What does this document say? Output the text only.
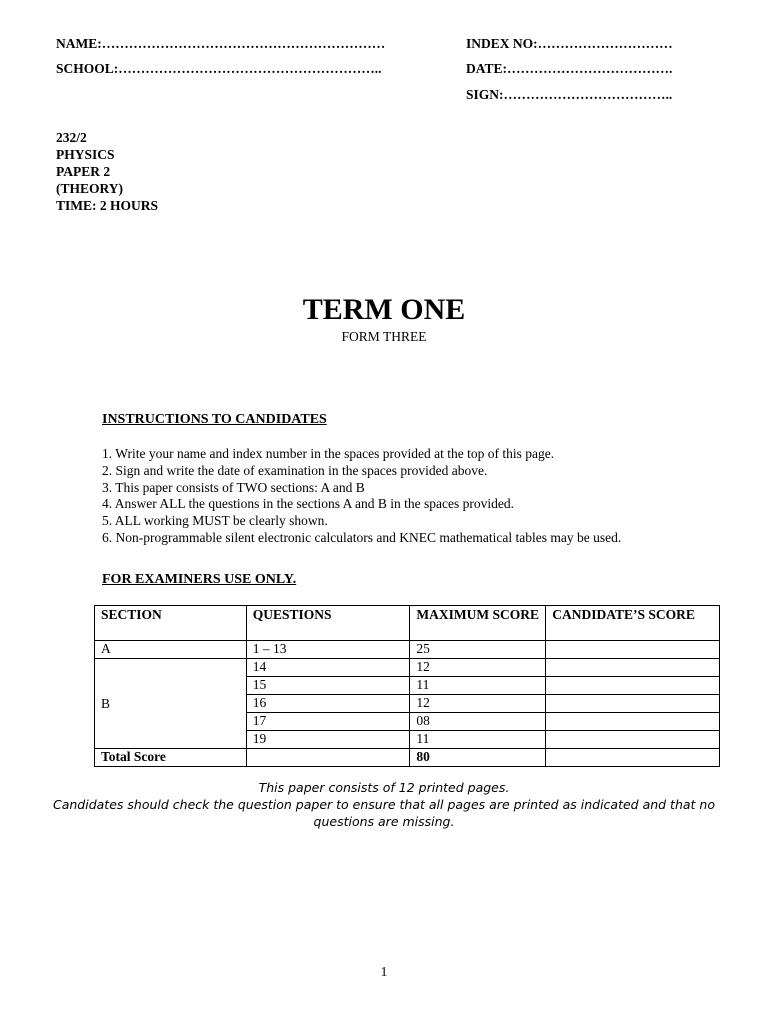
NAME:………………………………………………………
SCHOOL:…………………………………………………..
INDEX NO:…………………………
DATE:……………………………….
SIGN:………………………………..
232/2
PHYSICS
PAPER 2
(THEORY)
TIME: 2 HOURS
TERM ONE
FORM THREE
INSTRUCTIONS TO CANDIDATES
1. Write your name and index number in the spaces provided at the top of this page.
2. Sign and write the date of examination in the spaces provided above.
3. This paper consists of TWO sections: A and B
4. Answer ALL the questions in the sections A and B in the spaces provided.
5. ALL working MUST be clearly shown.
6. Non-programmable silent electronic calculators and KNEC mathematical tables may be used.
FOR EXAMINERS USE ONLY.
SECTION	QUESTIONS	MAXIMUM SCORE	CANDIDATE’S SCORE
A	1 – 13	25	
B	14	12	
	15	11	
	16	12	
	17	08	
	19	11	
Total Score		80	
This paper consists of 12 printed pages.
Candidates should check the question paper to ensure that all pages are printed as indicated and that no
questions are missing.
1
